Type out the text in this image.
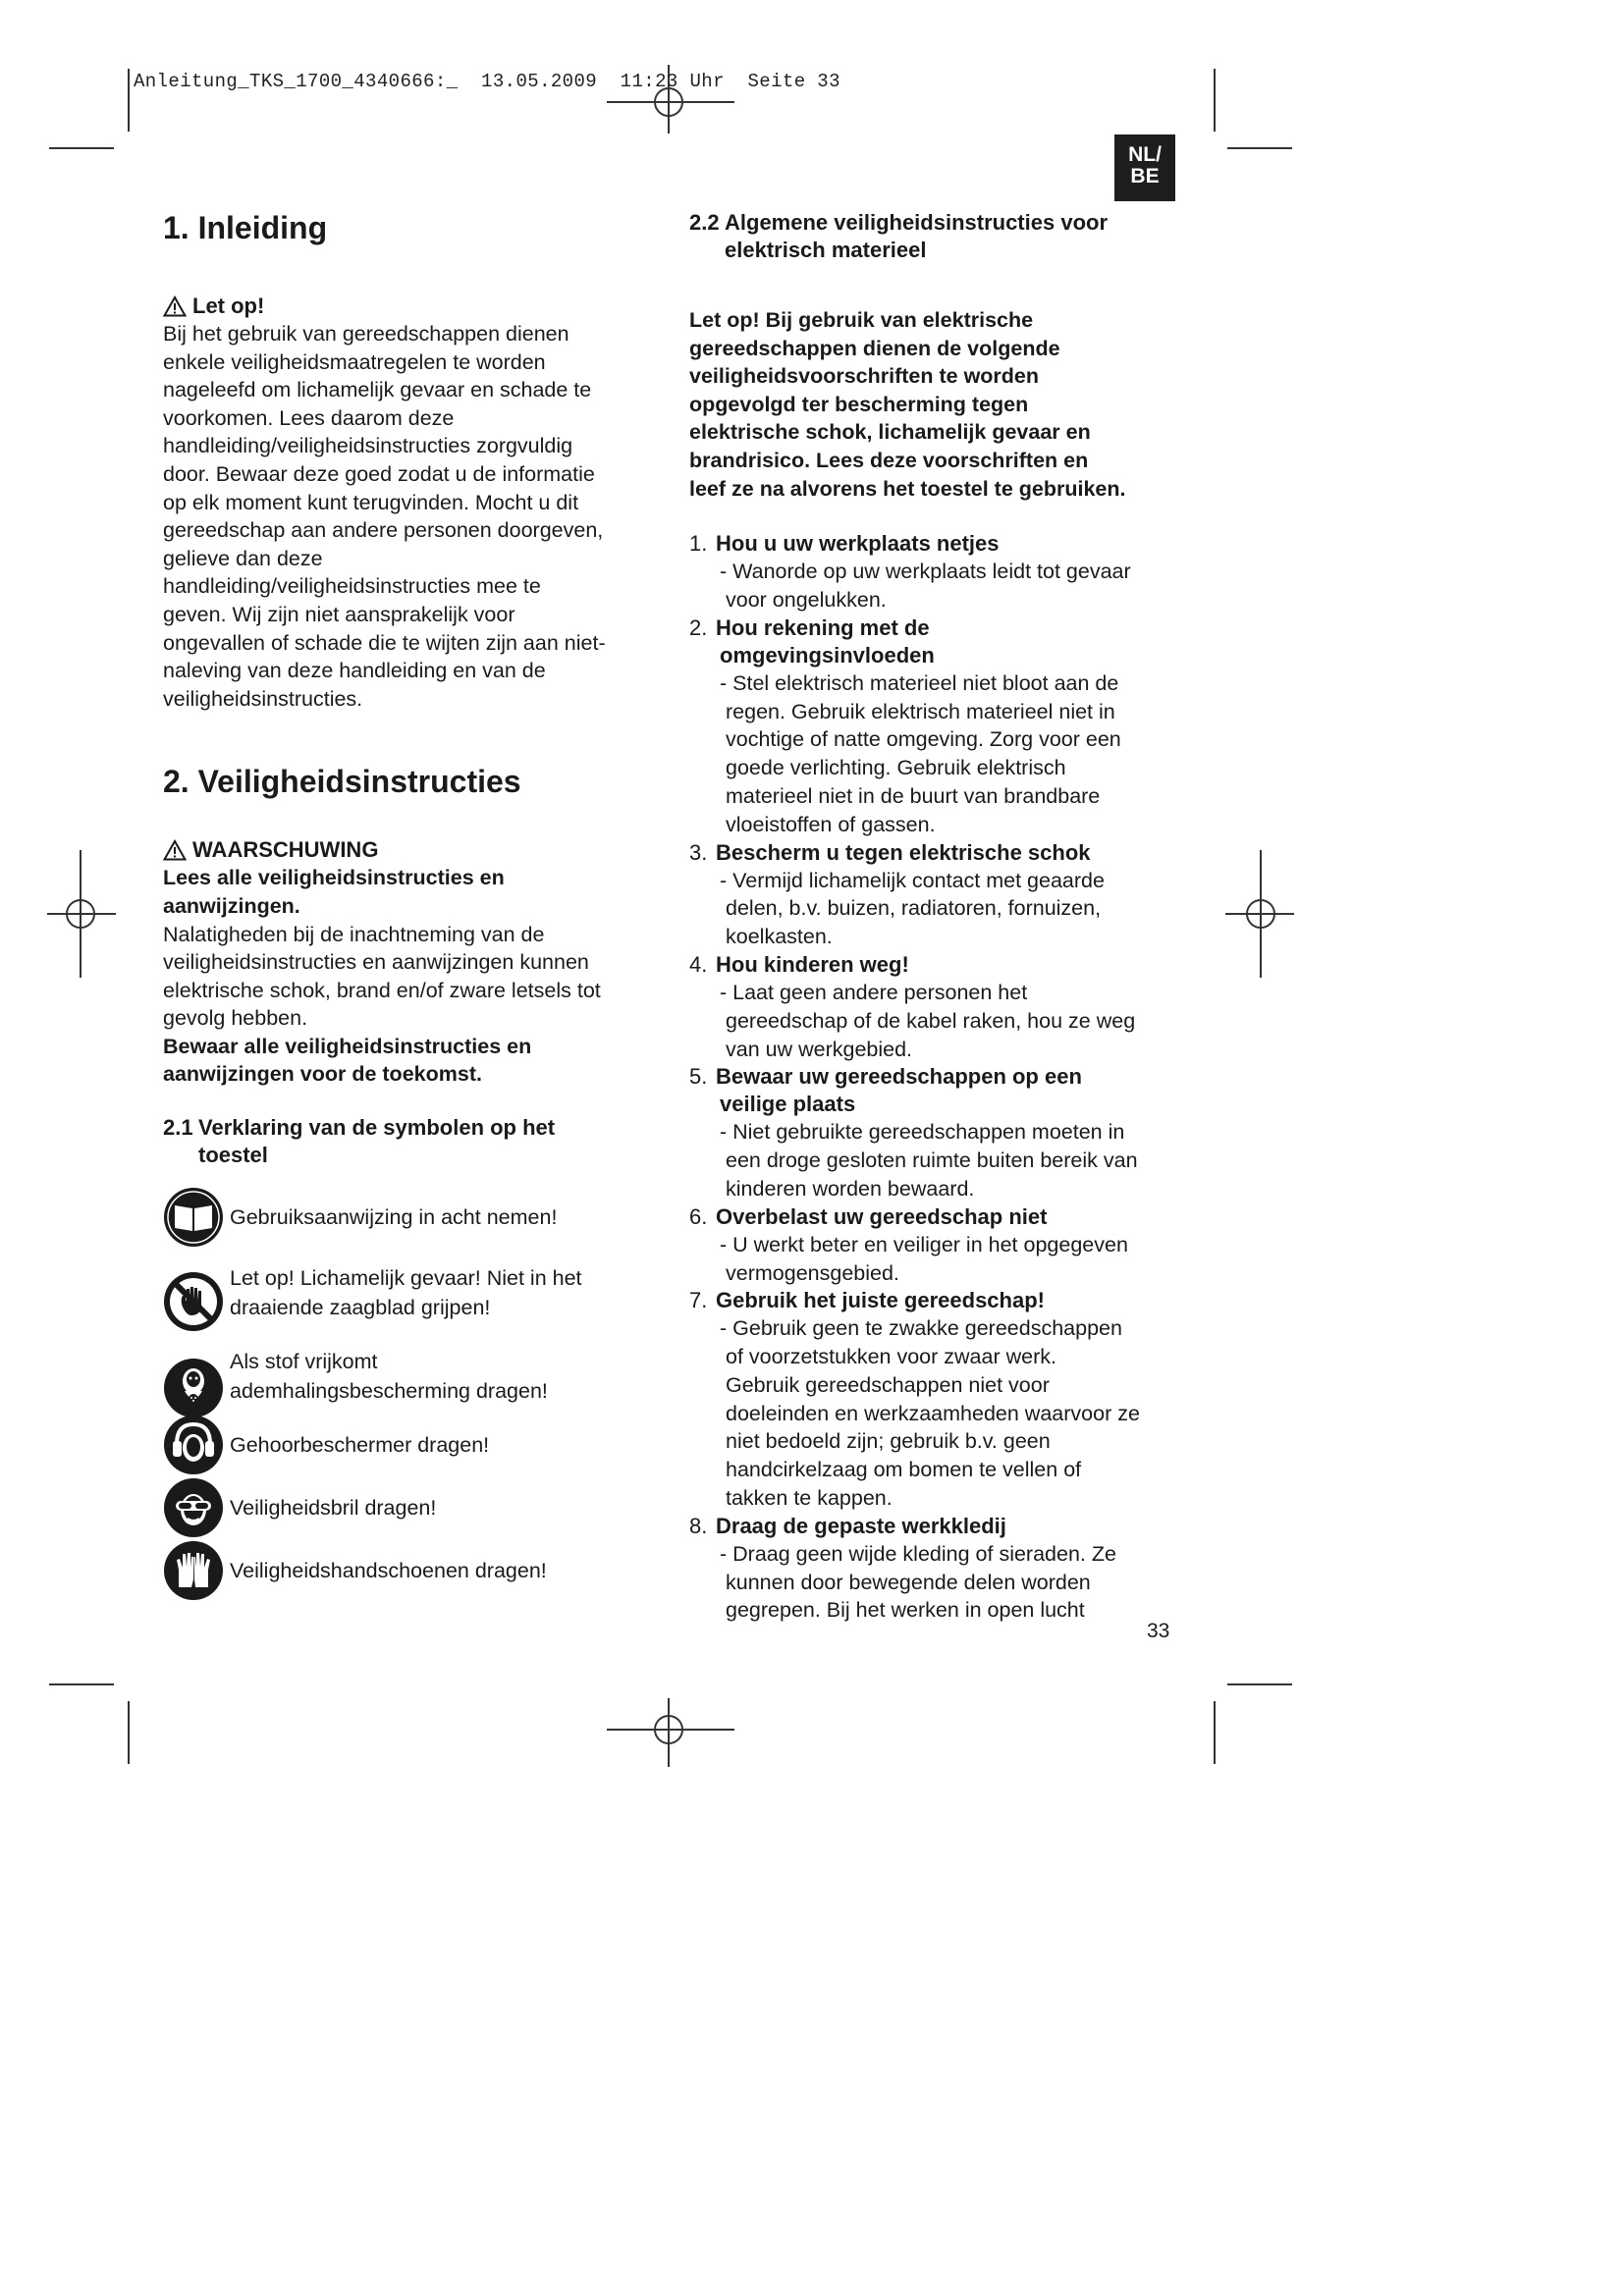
Anleitung_TKS_1700_4340666:_  13.05.2009  11:23 Uhr  Seite 33
NL/
BE
1. Inleiding
Let op!

Bij het gebruik van gereedschappen dienen

enkele veiligheidsmaatregelen te worden

nageleefd om lichamelijk gevaar en schade te

voorkomen. Lees daarom deze

handleiding/veiligheidsinstructies zorgvuldig

door. Bewaar deze goed zodat u de informatie

op elk moment kunt terugvinden. Mocht u dit

gereedschap aan andere personen doorgeven,

gelieve dan deze

handleiding/veiligheidsinstructies mee te

geven. Wij zijn niet aansprakelijk voor

ongevallen of schade die te wijten zijn aan niet-

naleving van deze handleiding en van de

veiligheidsinstructies.

2. Veiligheidsinstructies
WAARSCHUWING

Lees alle veiligheidsinstructies en

aanwijzingen.

Nalatigheden bij de inachtneming van de

veiligheidsinstructies en aanwijzingen kunnen

elektrische schok, brand en/of zware letsels tot

gevolg hebben.

Bewaar alle veiligheidsinstructies en

aanwijzingen voor de toekomst.

2.1 Verklaring van de symbolen op het
toestel
Gebruiksaanwijzing in acht nemen!
Let op! Lichamelijk gevaar! Niet in het
draaiende zaagblad grijpen!
Als stof vrijkomt
ademhalingsbescherming dragen!
Gehoorbeschermer dragen!
Veiligheidsbril dragen!
Veiligheidshandschoenen dragen!
2.2 Algemene veiligheidsinstructies voor
elektrisch materieel

Let op! Bij gebruik van elektrische

gereedschappen dienen de volgende

veiligheidsvoorschriften te worden

opgevolgd ter bescherming tegen

elektrische schok, lichamelijk gevaar en

brandrisico. Lees deze voorschriften en

leef ze na alvorens het toestel te gebruiken.

1. Hou u uw werkplaats netjes
- Wanorde op uw werkplaats leidt tot gevaar
voor ongelukken.
2. Hou rekening met de
omgevingsinvloeden
- Stel elektrisch materieel niet bloot aan de
regen. Gebruik elektrisch materieel niet in
vochtige of natte omgeving. Zorg voor een
goede verlichting. Gebruik elektrisch
materieel niet in de buurt van brandbare
vloeistoffen of gassen.
3. Bescherm u tegen elektrische schok
- Vermijd lichamelijk contact met geaarde
delen, b.v. buizen, radiatoren, fornuizen,
koelkasten.
4. Hou kinderen weg!
- Laat geen andere personen het
gereedschap of de kabel raken, hou ze weg
van uw werkgebied.
5. Bewaar uw gereedschappen op een
veilige plaats
- Niet gebruikte gereedschappen moeten in
een droge gesloten ruimte buiten bereik van
kinderen worden bewaard.
6. Overbelast uw gereedschap niet
- U werkt beter en veiliger in het opgegeven
vermogensgebied.
7. Gebruik het juiste gereedschap!
- Gebruik geen te zwakke gereedschappen
of voorzetstukken voor zwaar werk.
Gebruik gereedschappen niet voor
doeleinden en werkzaamheden waarvoor ze
niet bedoeld zijn; gebruik b.v. geen
handcirkelzaag om bomen te vellen of
takken te kappen.
8. Draag de gepaste werkkledij
- Draag geen wijde kleding of sieraden. Ze
kunnen door bewegende delen worden
gegrepen. Bij het werken in open lucht
33
